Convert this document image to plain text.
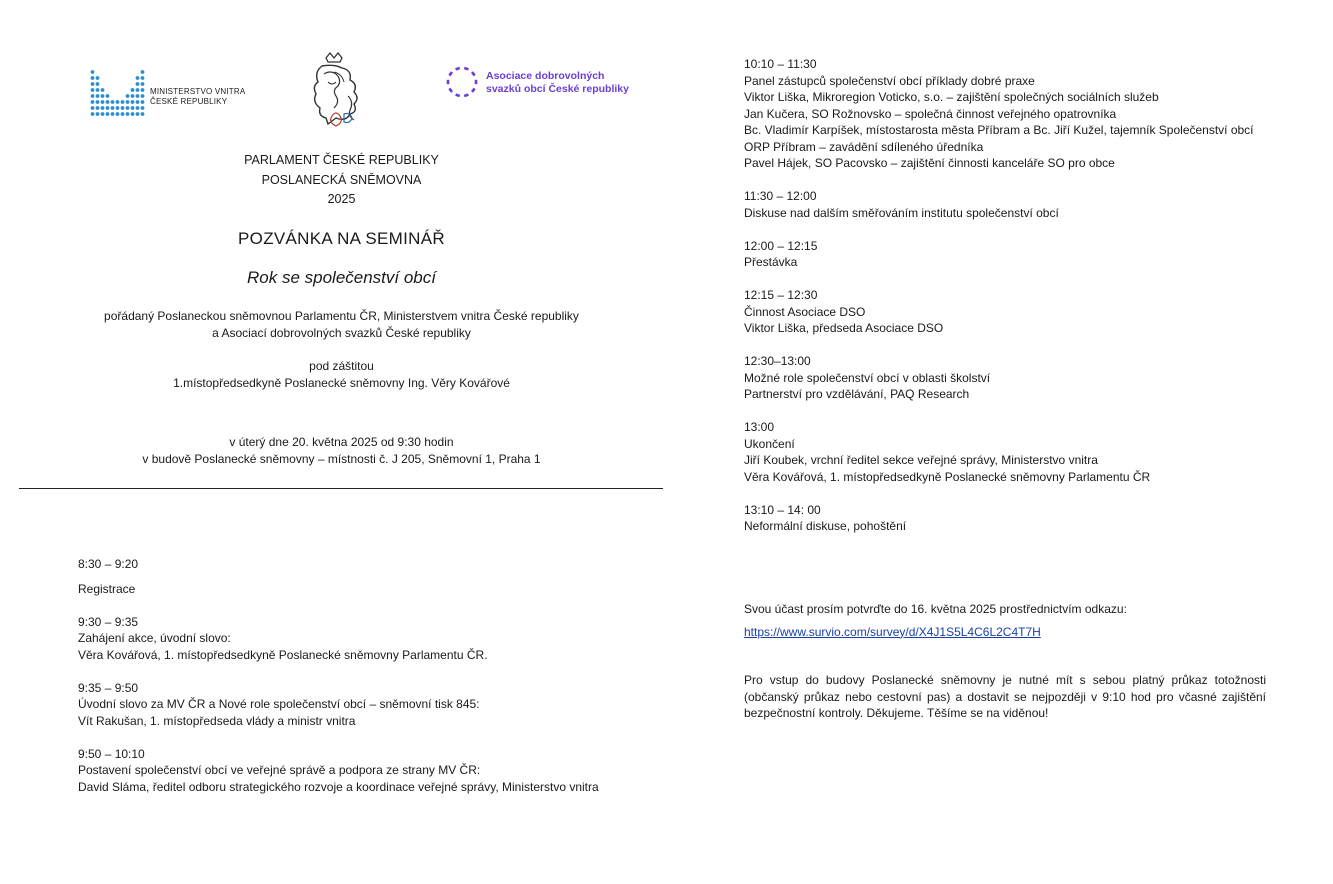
MINISTERSTVO VNITRA
ČESKÉ REPUBLIKY
Asociace dobrovolných
svazků obcí České republiky
PARLAMENT ČESKÉ REPUBLIKY
POSLANECKÁ SNĚMOVNA
2025
POZVÁNKA NA SEMINÁŘ
Rok se společenství obcí
pořádaný Poslaneckou sněmovnou Parlamentu ČR, Ministerstvem vnitra České republiky
a Asociací dobrovolných svazků České republiky
pod záštitou
1.místopředsedkyně Poslanecké sněmovny Ing. Věry Kovářové
v úterý dne 20. května 2025 od 9:30 hodin
v budově Poslanecké sněmovny – místnosti č. J 205, Sněmovní 1, Praha 1
8:30 – 9:20
Registrace
9:30 – 9:35
Zahájení akce, úvodní slovo:
Věra Kovářová, 1. místopředsedkyně Poslanecké sněmovny Parlamentu ČR.
9:35 – 9:50
Úvodní slovo za MV ČR a Nové role společenství obcí – sněmovní tisk 845:
Vít Rakušan, 1. místopředseda vlády a ministr vnitra
9:50 – 10:10
Postavení společenství obcí ve veřejné správě a podpora ze strany MV ČR:
David Sláma, ředitel odboru strategického rozvoje a koordinace veřejné správy, Ministerstvo vnitra
10:10 – 11:30
Panel zástupců společenství obcí příklady dobré praxe
Viktor Liška, Mikroregion Voticko, s.o. – zajištění společných sociálních služeb
Jan Kučera, SO Rožnovsko – společná činnost veřejného opatrovníka
Bc. Vladimír Karpíšek, místostarosta města Příbram a Bc. Jiří Kužel, tajemník Společenství obcí ORP Příbram – zavádění sdíleného úředníka
Pavel Hájek, SO Pacovsko – zajištění činnosti kanceláře SO pro obce
11:30 – 12:00
Diskuse nad dalším směřováním institutu společenství obcí
12:00 – 12:15
Přestávka
12:15 – 12:30
Činnost Asociace DSO
Viktor Liška, předseda Asociace DSO
12:30–13:00
Možné role společenství obcí v oblasti školství
Partnerství pro vzdělávání, PAQ Research
13:00
Ukončení
Jiří Koubek, vrchní ředitel sekce veřejné správy, Ministerstvo vnitra
Věra Kovářová, 1. místopředsedkyně Poslanecké sněmovny Parlamentu ČR
13:10 – 14: 00
Neformální diskuse, pohoštění
Svou účast prosím potvrďte do 16. května 2025 prostřednictvím odkazu:
https://www.survio.com/survey/d/X4J1S5L4C6L2C4T7H
Pro vstup do budovy Poslanecké sněmovny je nutné mít s sebou platný průkaz totožnosti (občanský průkaz nebo cestovní pas) a dostavit se nejpozději v 9:10 hod pro včasné zajištění bezpečnostní kontroly. Děkujeme. Těšíme se na viděnou!
